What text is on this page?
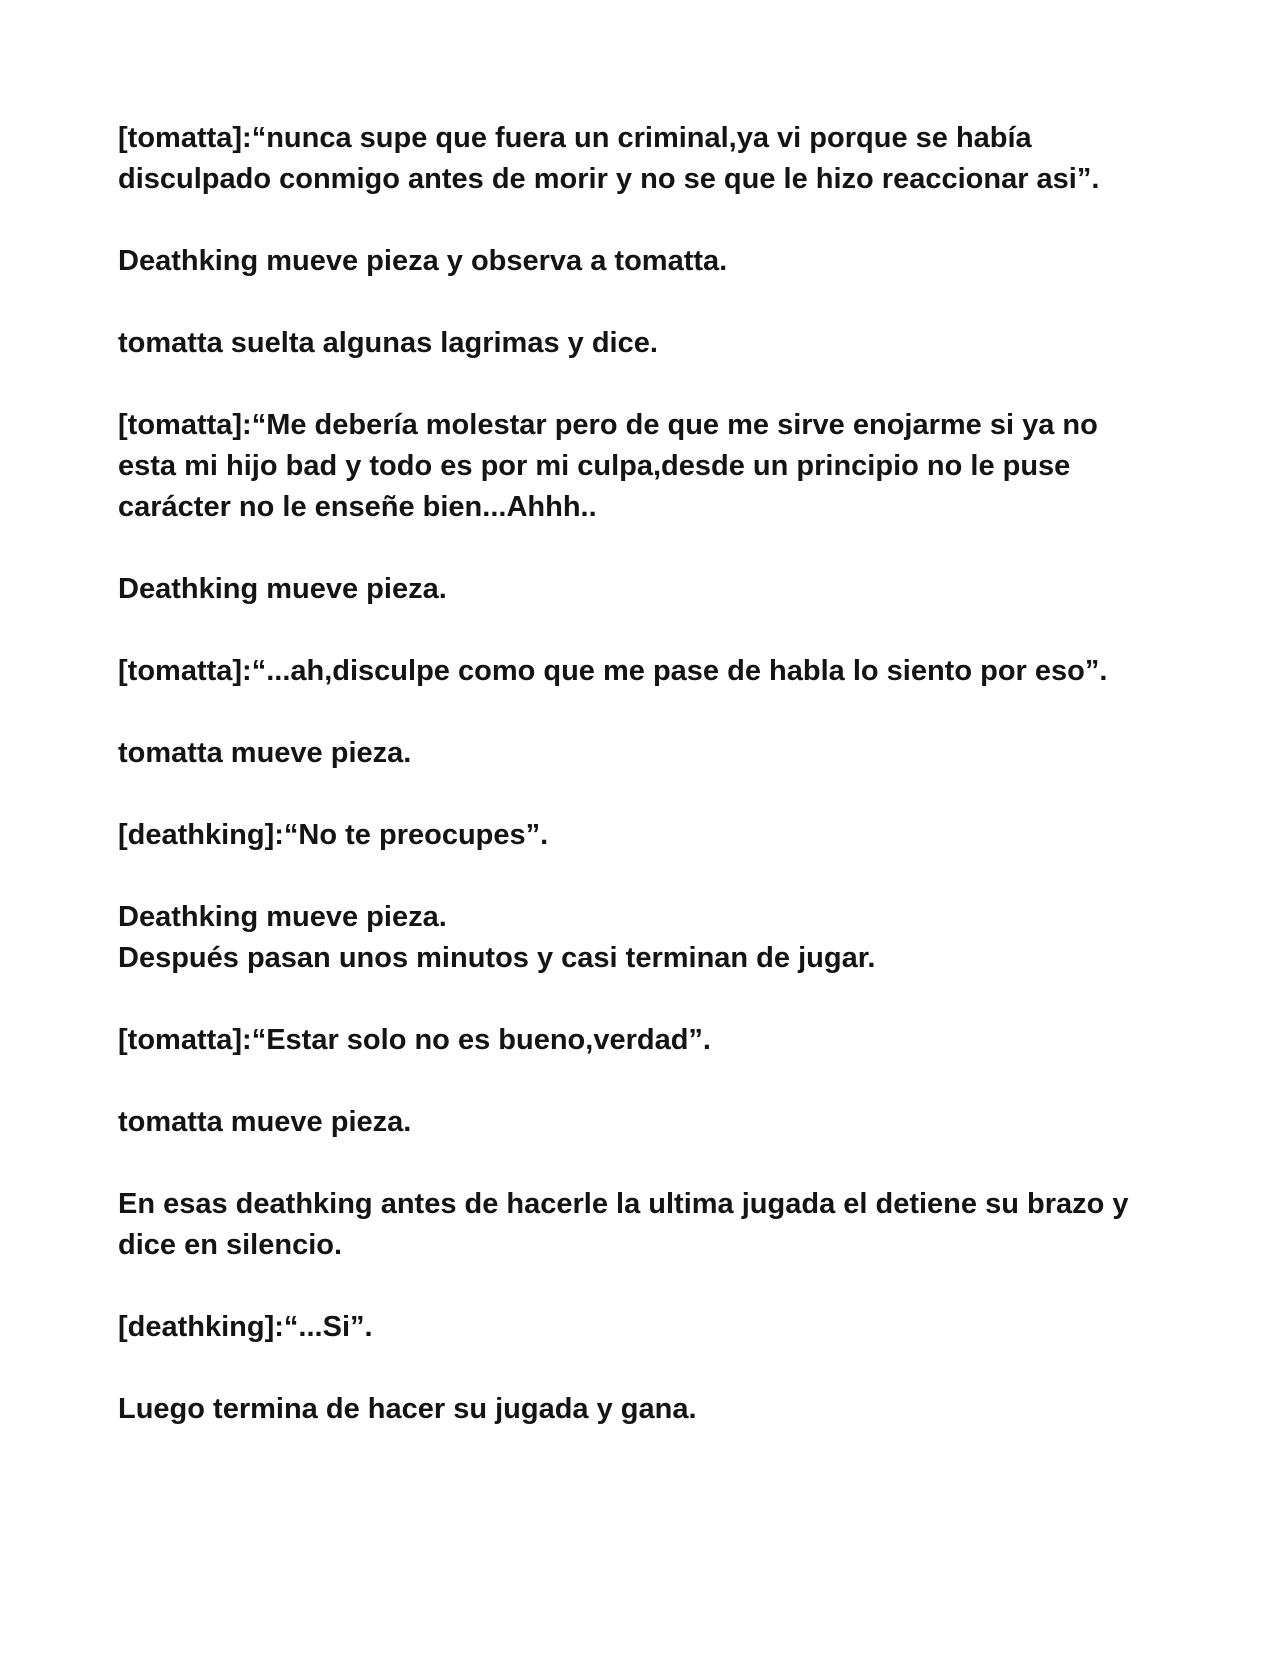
[tomatta]:“nunca supe que fuera un criminal,ya vi porque se había
disculpado conmigo antes de morir y no se que le hizo reaccionar asi”.

Deathking mueve pieza y observa a tomatta.

tomatta suelta algunas lagrimas y dice.

[tomatta]:“Me debería molestar pero de que me sirve enojarme si ya no
esta mi hijo bad y todo es por mi culpa,desde un principio no le puse
carácter no le enseñe bien...Ahhh..

Deathking mueve pieza.

[tomatta]:“...ah,disculpe como que me pase de habla lo siento por eso”.

tomatta mueve pieza.

[deathking]:“No te preocupes”.

Deathking mueve pieza.
Después pasan unos minutos y casi terminan de jugar.

[tomatta]:“Estar solo no es bueno,verdad”.

tomatta mueve pieza.

En esas deathking antes de hacerle la ultima jugada el detiene su brazo y
dice en silencio.

[deathking]:“...Si”.

Luego termina de hacer su jugada y gana.
